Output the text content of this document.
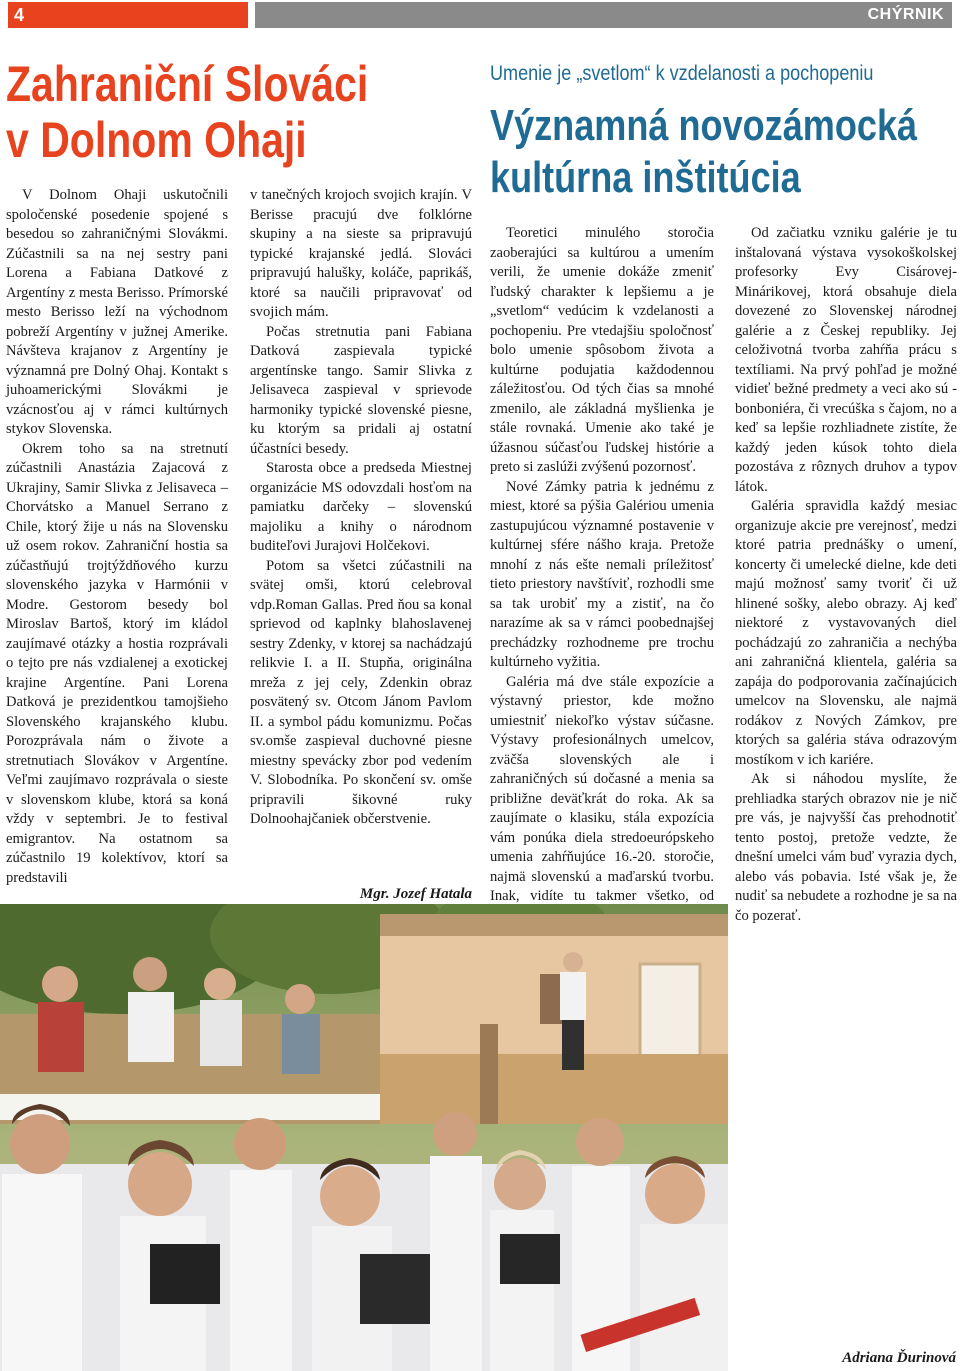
4	CHÝRNIK
Zahraniční Slováci
v Dolnom Ohaji
Umenie je „svetlom“ k vzdelanosti a pochopeniu
Významná novozámocká
kultúrna inštitúcia

V Dolnom Ohaji uskutočnili spoločenské posedenie spojené s besedou so zahraničnými Slovákmi. Zúčastnili sa na nej sestry pani Lorena a Fabiana Datkové z Argentíny z mesta Berisso. Prímorské mesto Berisso leží na východnom pobreží Argentíny v južnej Amerike. Návšteva krajanov z Argentíny je významná pre Dolný Ohaj. Kontakt s juhoamerickými Slovákmi je vzácnosťou aj v rámci kultúrnych stykov Slovenska.

Okrem toho sa na stretnutí zúčastnili Anastázia Zajacová z Ukrajiny, Samir Slivka z Jelisaveca – Chorvátsko a Manuel Serrano z Chile, ktorý žije u nás na Slovensku už osem rokov. Zahraniční hostia sa zúčastňujú trojtýždňového kurzu slovenského jazyka v Harmónii v Modre. Gestorom besedy bol Miroslav Bartoš, ktorý im kládol zaujímavé otázky a hostia rozprávali o tejto pre nás vzdialenej a exotickej krajine Argentíne. Pani Lorena Datková je prezidentkou tamojšieho Slovenského krajanského klubu. Porozprávala nám o živote a stretnutiach Slovákov v Argentíne. Veľmi zaujímavo rozprávala o sieste v slovenskom klube, ktorá sa koná vždy v septembri. Je to festival emigrantov. Na ostatnom sa zúčastnilo 19 kolektívov, ktorí sa predstavili

v tanečných krojoch svojich krajín. V Berisse pracujú dve folklórne skupiny a na sieste sa pripravujú typické krajanské jedlá. Slováci pripravujú halušky, koláče, paprikáš, ktoré sa naučili pripravovať od svojich mám.

Počas stretnutia pani Fabiana Datková zaspievala typické argentínske tango. Samir Slivka z Jelisaveca zaspieval v sprievode harmoniky typické slovenské piesne, ku ktorým sa pridali aj ostatní účastníci besedy.

Starosta obce a predseda Miestnej organizácie MS odovzdali hosťom na pamiatku darčeky – slovenskú majoliku a knihy o národnom buditeľovi Jurajovi Holčekovi.

Potom sa všetci zúčastnili na svätej omši, ktorú celebroval vdp.Roman Gallas. Pred ňou sa konal sprievod od kaplnky blahoslavenej sestry Zdenky, v ktorej sa nachádzajú relikvie I. a II. Stupňa, originálna mreža z jej cely, Zdenkin obraz posvätený sv. Otcom Jánom Pavlom II. a symbol pádu komunizmu. Počas sv.omše zaspieval duchovné piesne miestny spevácky zbor pod vedením V. Slobodníka. Po skončení sv. omše pripravili šikovné ruky Dolnoohajčaniek občerstvenie.

Mgr. Jozef Hatala

Teoretici minulého storočia zaoberajúci sa kultúrou a umením verili, že umenie dokáže zmeniť ľudský charakter k lepšiemu a je „svetlom“ vedúcim k vzdelanosti a pochopeniu. Pre vtedajšiu spoločnosť bolo umenie spôsobom života a kultúrne podujatia každodennou záležitosťou. Od tých čias sa mnohé zmenilo, ale základná myšlienka je stále rovnaká. Umenie ako také je úžasnou súčasťou ľudskej histórie a preto si zaslúži zvýšenú pozornosť.

Nové Zámky patria k jednému z miest, ktoré sa pýšia Galériou umenia zastupujúcou významné postavenie v kultúrnej sfére nášho kraja. Pretože mnohí z nás ešte nemali príležitosť tieto priestory navštíviť, rozhodli sme sa tak urobiť my a zistiť, na čo narazíme ak sa v rámci poobednajšej prechádzky rozhodneme pre trochu kultúrneho vyžitia.

Galéria má dve stále expozície a výstavný priestor, kde možno umiestniť niekoľko výstav súčasne. Výstavy profesionálnych umelcov, zväčša slovenských ale i zahraničných sú dočasné a menia sa približne deväťkrát do roka. Ak sa zaujímate o klasiku, stála expozícia vám ponúka diela stredoeurópskeho umenia zahŕňujúce 16.-20. storočie, najmä slovenskú a maďarskú tvorbu. Inak, vidíte tu takmer všetko, od

Od začiatku vzniku galérie je tu inštalovaná výstava vysokoškolskej profesorky Evy Cisárovej-Minárikovej, ktorá obsahuje diela dovezené zo Slovenskej národnej galérie a z Českej republiky. Jej celoživotná tvorba zahŕňa prácu s textíliami. Na prvý pohľad je možné vidieť bežné predmety a veci ako sú - bonboniéra, či vrecúška s čajom, no a keď sa lepšie rozhliadnete zistíte, že každý jeden kúsok tohto diela pozostáva z rôznych druhov a typov látok.

Galéria spravidla každý mesiac organizuje akcie pre verejnosť, medzi ktoré patria prednášky o umení, koncerty či umelecké dielne, kde deti majú možnosť samy tvoriť či už hlinené sošky, alebo obrazy. Aj keď niektoré z vystavovaných diel pochádzajú zo zahraničia a nechýba ani zahraničná klientela, galéria sa zapája do podporovania začínajúcich umelcov na Slovensku, ale najmä rodákov z Nových Zámkov, pre ktorých sa galéria stáva odrazovým mostíkom v ich kariére.

Ak si náhodou myslíte, že prehliadka starých obrazov nie je nič pre vás, je najvyšší čas prehodnotiť tento postoj, pretože vedzte, že dnešní umelci vám buď vyrazia dych, alebo vás pobavia. Isté však je, že nudiť sa nebudete a rozhodne je sa na čo pozerať.

Adriana Ďurinová
